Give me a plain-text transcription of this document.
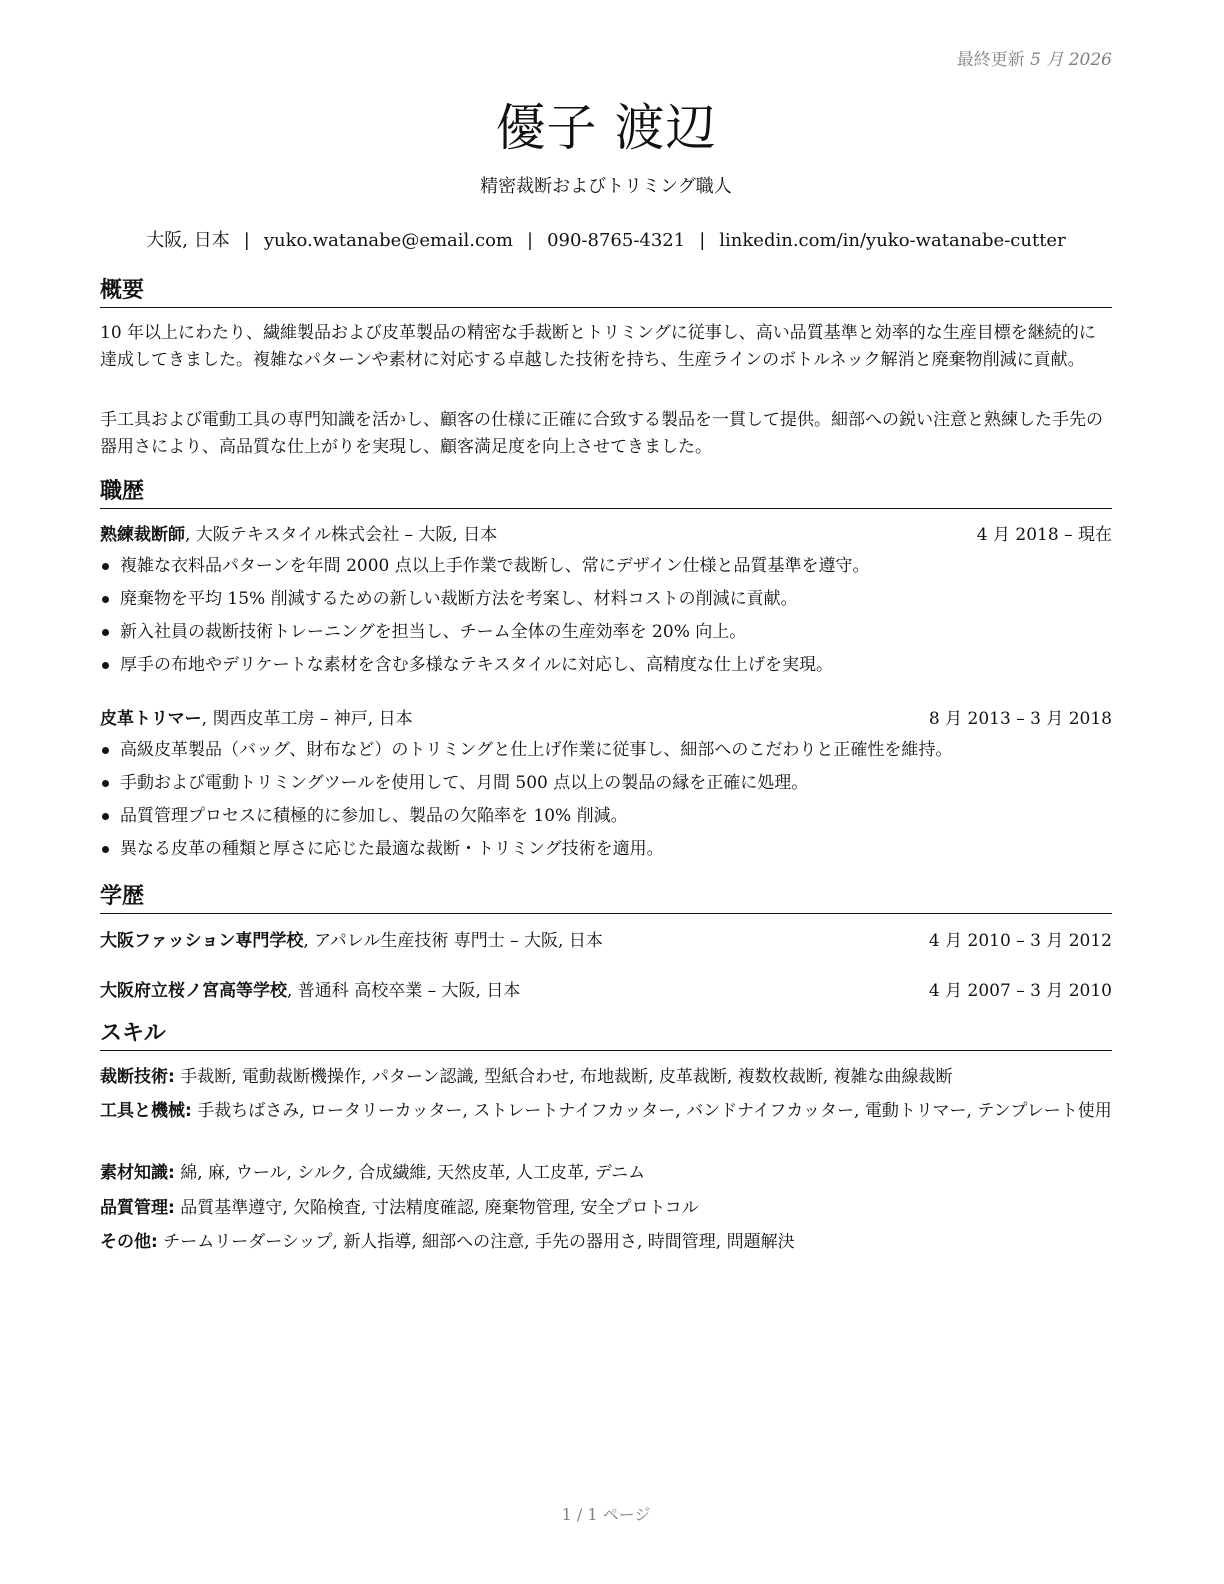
最終更新 5 月 2026
優子 渡辺
精密裁断およびトリミング職人
大阪, 日本 | yuko.watanabe@email.com | 090-8765-4321 | linkedin.com/in/yuko-watanabe-cutter
概要

10 年以上にわたり、繊維製品および皮革製品の精密な手裁断とトリミングに従事し、高い品質基準と効率的な生産目標を継続的に達成してきました。複雑なパターンや素材に対応する卓越した技術を持ち、生産ラインのボトルネック解消と廃棄物削減に貢献。

手工具および電動工具の専門知識を活かし、顧客の仕様に正確に合致する製品を一貫して提供。細部への鋭い注意と熟練した手先の器用さにより、高品質な仕上がりを実現し、顧客満足度を向上させてきました。

職歴
熟練裁断師, 大阪テキスタイル株式会社 – 大阪, 日本	4 月 2018 – 現在
複雑な衣料品パターンを年間 2000 点以上手作業で裁断し、常にデザイン仕様と品質基準を遵守。
廃棄物を平均 15% 削減するための新しい裁断方法を考案し、材料コストの削減に貢献。
新入社員の裁断技術トレーニングを担当し、チーム全体の生産効率を 20% 向上。
厚手の布地やデリケートな素材を含む多様なテキスタイルに対応し、高精度な仕上げを実現。
皮革トリマー, 関西皮革工房 – 神戸, 日本	8 月 2013 – 3 月 2018
高級皮革製品（バッグ、財布など）のトリミングと仕上げ作業に従事し、細部へのこだわりと正確性を維持。
手動および電動トリミングツールを使用して、月間 500 点以上の製品の縁を正確に処理。
品質管理プロセスに積極的に参加し、製品の欠陥率を 10% 削減。
異なる皮革の種類と厚さに応じた最適な裁断・トリミング技術を適用。
学歴
大阪ファッション専門学校, アパレル生産技術 専門士 – 大阪, 日本	4 月 2010 – 3 月 2012
大阪府立桜ノ宮高等学校, 普通科 高校卒業 – 大阪, 日本	4 月 2007 – 3 月 2010
スキル

裁断技術: 手裁断, 電動裁断機操作, パターン認識, 型紙合わせ, 布地裁断, 皮革裁断, 複数枚裁断, 複雑な曲線裁断

工具と機械: 手裁ちばさみ, ロータリーカッター, ストレートナイフカッター, バンドナイフカッター, 電動トリマー, テンプレート使用

素材知識: 綿, 麻, ウール, シルク, 合成繊維, 天然皮革, 人工皮革, デニム

品質管理: 品質基準遵守, 欠陥検査, 寸法精度確認, 廃棄物管理, 安全プロトコル

その他: チームリーダーシップ, 新人指導, 細部への注意, 手先の器用さ, 時間管理, 問題解決

1 / 1 ページ
